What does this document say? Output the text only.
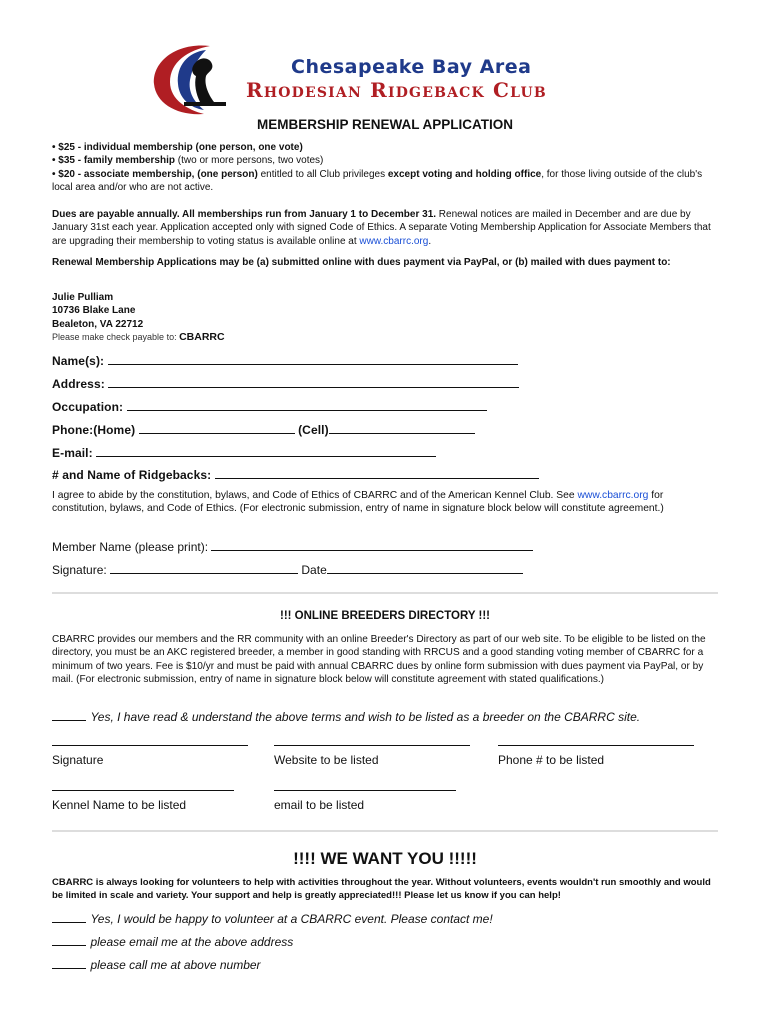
Chesapeake Bay Area
Rhodesian Ridgeback Club
MEMBERSHIP RENEWAL APPLICATION
• $25 - individual membership (one person, one vote)
• $35 - family membership (two or more persons, two votes)
• $20 - associate membership, (one person) entitled to all Club privileges except voting and holding office, for those living outside of the club's local area and/or who are not active.
Dues are payable annually. All memberships run from January 1 to December 31. Renewal notices are mailed in December and are due by January 31st each year. Application accepted only with signed Code of Ethics. A separate Voting Membership Application for Associate Members that are upgrading their membership to voting status is available online at www.cbarrc.org.
Renewal Membership Applications may be (a) submitted online with dues payment via PayPal, or (b) mailed with dues payment to:
Julie Pulliam
10736 Blake Lane
Bealeton, VA 22712
Please make check payable to: CBARRC
Name(s):
Address:
Occupation:
Phone:(Home)	(Cell)
E-mail:
# and Name of Ridgebacks:
I agree to abide by the constitution, bylaws, and Code of Ethics of CBARRC and of the American Kennel Club. See www.cbarrc.org for constitution, bylaws, and Code of Ethics. (For electronic submission, entry of name in signature block below will constitute agreement.)
Member Name (please print):
Signature:	Date
!!! ONLINE BREEDERS DIRECTORY !!!
CBARRC provides our members and the RR community with an online Breeder's Directory as part of our web site. To be eligible to be listed on the directory, you must be an AKC registered breeder, a member in good standing with RRCUS and a good standing voting member of CBARRC for a minimum of two years. Fee is $10/yr and must be paid with annual CBARRC dues by online form submission with dues payment via PayPal, or by mail. (For electronic submission, entry of name in signature block below will constitute agreement with stated qualifications.)
Yes, I have read & understand the above terms and wish to be listed as a breeder on the CBARRC site.
Signature	Website to be listed	Phone # to be listed
Kennel Name to be listed	email to be listed
!!!! WE WANT YOU !!!!!
CBARRC is always looking for volunteers to help with activities throughout the year. Without volunteers, events wouldn't run smoothly and would be limited in scale and variety. Your support and help is greatly appreciated!!! Please let us know if you can help!
Yes, I would be happy to volunteer at a CBARRC event. Please contact me!
please email me at the above address
please call me at above number
